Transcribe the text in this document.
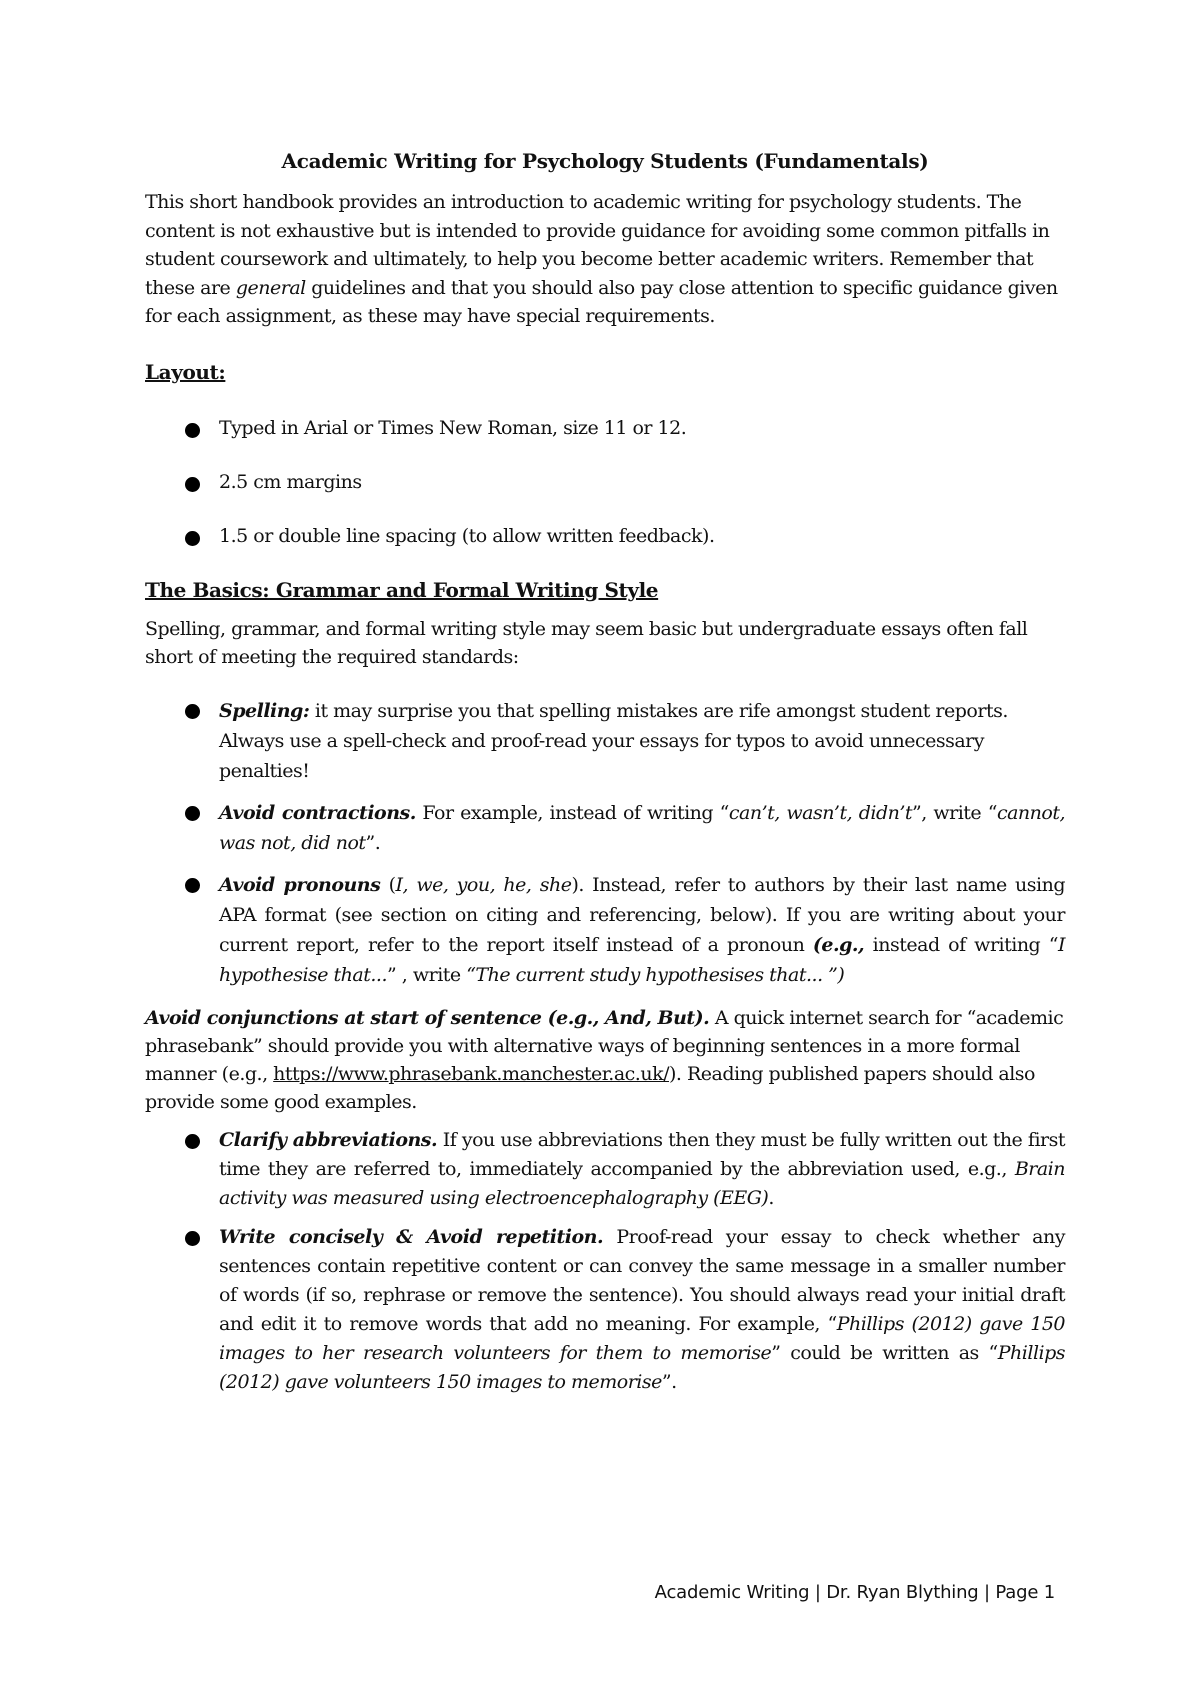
Academic Writing for Psychology Students (Fundamentals)

This short handbook provides an introduction to academic writing for psychology students. The content is not exhaustive but is intended to provide guidance for avoiding some common pitfalls in student coursework and ultimately, to help you become better academic writers. Remember that these are general guidelines and that you should also pay close attention to specific guidance given for each assignment, as these may have special requirements.

Layout:
Typed in Arial or Times New Roman, size 11 or 12.
2.5 cm margins
1.5 or double line spacing (to allow written feedback).
The Basics: Grammar and Formal Writing Style

Spelling, grammar, and formal writing style may seem basic but undergraduate essays often fall short of meeting the required standards:

Spelling: it may surprise you that spelling mistakes are rife amongst student reports. Always use a spell-check and proof-read your essays for typos to avoid unnecessary penalties!
Avoid contractions. For example, instead of writing “can’t, wasn’t, didn’t”, write “cannot, was not, did not”.
Avoid pronouns (I, we, you, he, she). Instead, refer to authors by their last name using APA format (see section on citing and referencing, below). If you are writing about your current report, refer to the report itself instead of a pronoun (e.g., instead of writing “I hypothesise that...” , write “The current study hypothesises that... ”)

Avoid conjunctions at start of sentence (e.g., And, But). A quick internet search for “academic phrasebank” should provide you with alternative ways of beginning sentences in a more formal manner (e.g., https://www.phrasebank.manchester.ac.uk/). Reading published papers should also provide some good examples.

Clarify abbreviations. If you use abbreviations then they must be fully written out the first time they are referred to, immediately accompanied by the abbreviation used, e.g., Brain activity was measured using electroencephalography (EEG).
Write concisely & Avoid repetition. Proof-read your essay to check whether any sentences contain repetitive content or can convey the same message in a smaller number of words (if so, rephrase or remove the sentence). You should always read your initial draft and edit it to remove words that add no meaning. For example, “Phillips (2012) gave 150 images to her research volunteers for them to memorise” could be written as “Phillips (2012) gave volunteers 150 images to memorise”.
Academic Writing | Dr. Ryan Blything | Page 1
